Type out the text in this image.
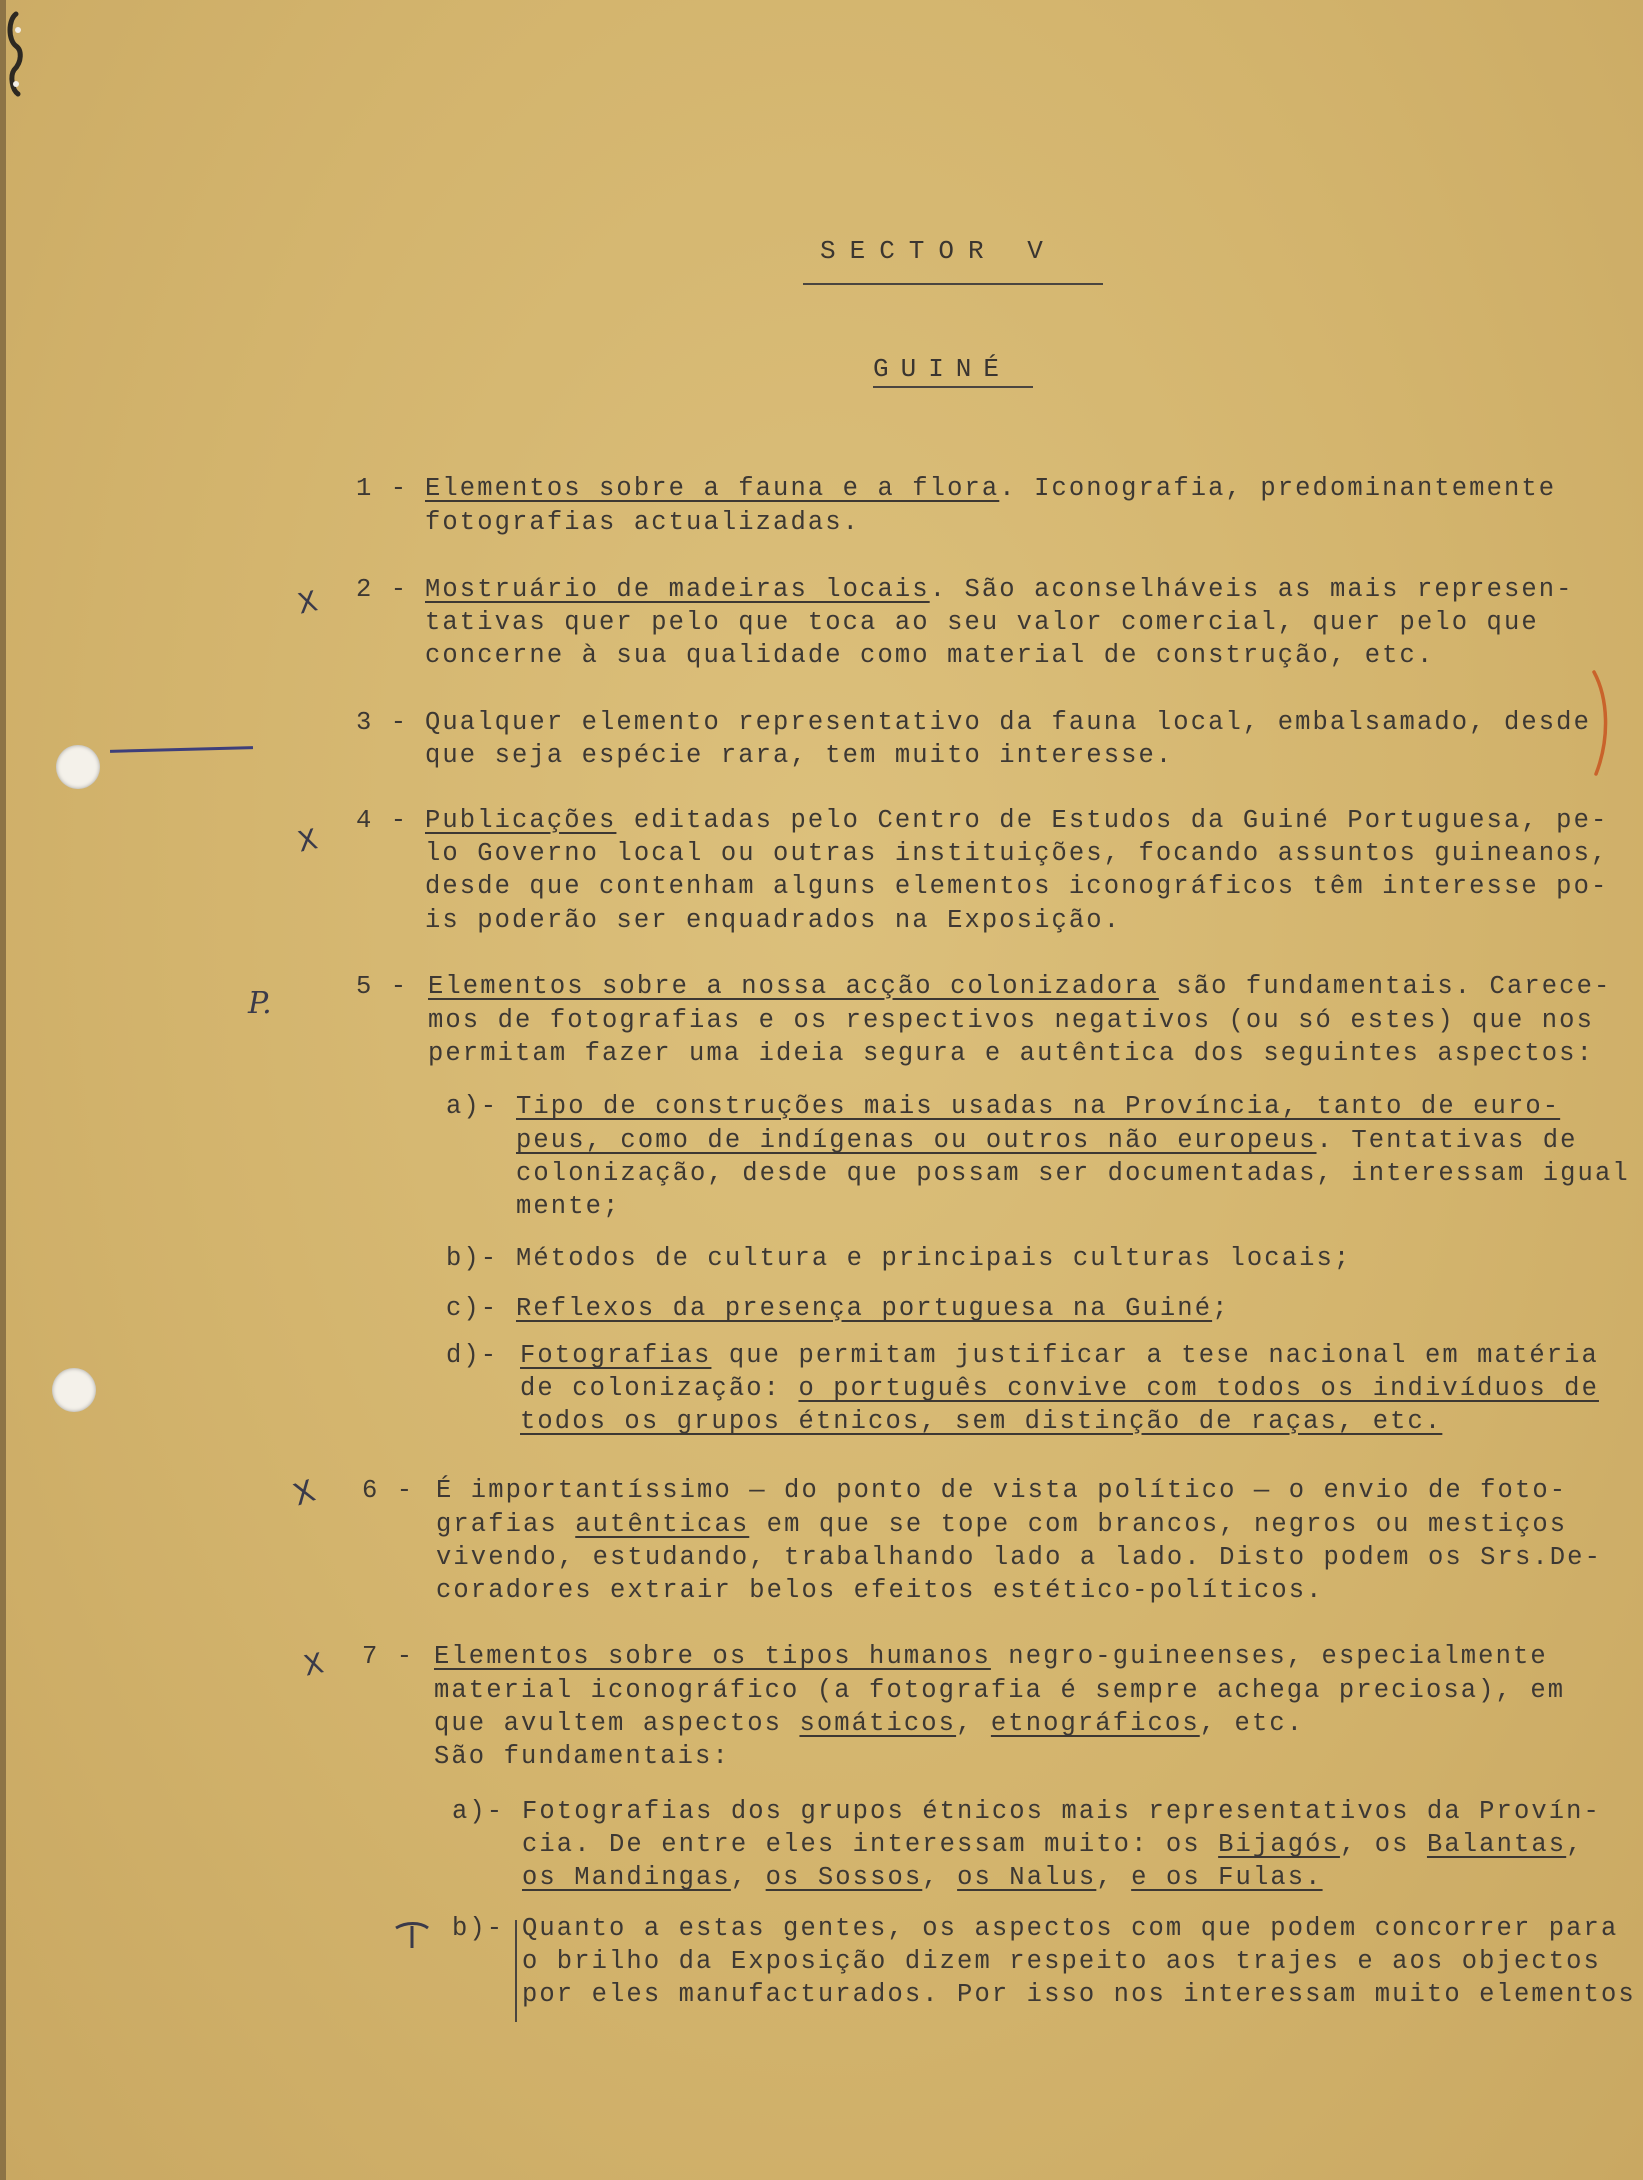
SECTOR V
GUINÉ
1 - Elementos sobre a fauna e a flora. Iconografia, predominantemente
fotografias actualizadas.
2 - Mostruário de madeiras locais. São aconselháveis as mais represen-
tativas quer pelo que toca ao seu valor comercial, quer pelo que
concerne à sua qualidade como material de construção, etc.
3 - Qualquer elemento representativo da fauna local, embalsamado, desde
que seja espécie rara, tem muito interesse.
4 - Publicações editadas pelo Centro de Estudos da Guiné Portuguesa, pe-
lo Governo local ou outras instituições, focando assuntos guineanos,
desde que contenham alguns elementos iconográficos têm interesse po-
is poderão ser enquadrados na Exposição.
5 - Elementos sobre a nossa acção colonizadora são fundamentais. Carece-
mos de fotografias e os respectivos negativos (ou só estes) que nos
permitam fazer uma ideia segura e autêntica dos seguintes aspectos:
a)- Tipo de construções mais usadas na Província, tanto de euro-
peus, como de indígenas ou outros não europeus. Tentativas de
colonização, desde que possam ser documentadas, interessam igual
mente;
b)- Métodos de cultura e principais culturas locais;
c)- Reflexos da presença portuguesa na Guiné;
d)- Fotografias que permitam justificar a tese nacional em matéria
de colonização: o português convive com todos os indivíduos de
todos os grupos étnicos, sem distinção de raças, etc.
6 - É importantíssimo — do ponto de vista político — o envio de foto-
grafias autênticas em que se tope com brancos, negros ou mestiços
vivendo, estudando, trabalhando lado a lado. Disto podem os Srs.De-
coradores extrair belos efeitos estético-políticos.
7 - Elementos sobre os tipos humanos negro-guineenses, especialmente
material iconográfico (a fotografia é sempre achega preciosa), em
que avultem aspectos somáticos, etnográficos, etc.
São fundamentais:
a)- Fotografias dos grupos étnicos mais representativos da Provín-
cia. De entre eles interessam muito: os Bijagós, os Balantas,
os Mandingas, os Sossos, os Nalus, e os Fulas.
b)- Quanto a estas gentes, os aspectos com que podem concorrer para
o brilho da Exposição dizem respeito aos trajes e aos objectos
por eles manufacturados. Por isso nos interessam muito elementos
X
X
P.
X
X
